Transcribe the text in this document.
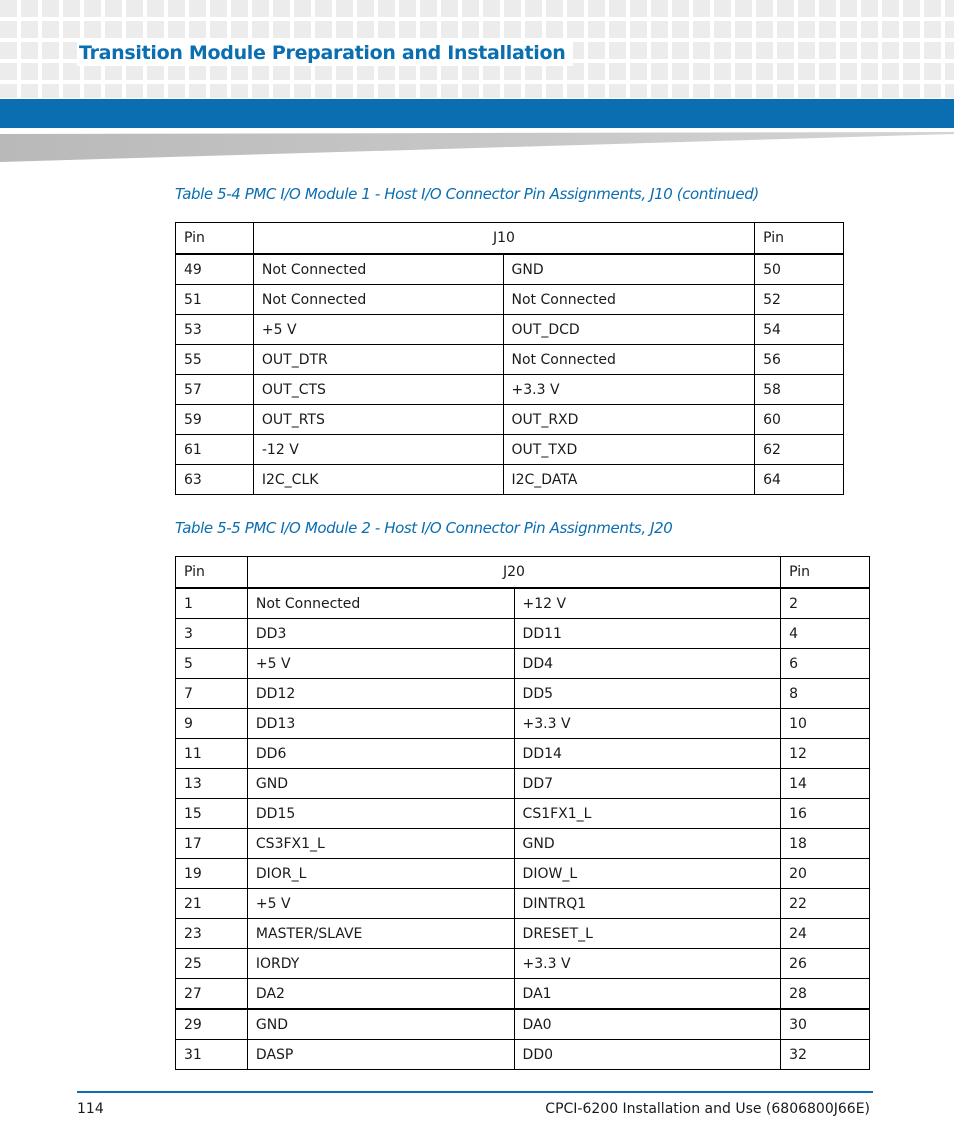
Transition Module Preparation and Installation
Table 5-4 PMC I/O Module 1 - Host I/O Connector Pin Assignments, J10 (continued)
Pin	J10		Pin
49	Not Connected	GND	50
51	Not Connected	Not Connected	52
53	+5 V	OUT_DCD	54
55	OUT_DTR	Not Connected	56
57	OUT_CTS	+3.3 V	58
59	OUT_RTS	OUT_RXD	60
61	-12 V	OUT_TXD	62
63	I2C_CLK	I2C_DATA	64
Table 5-5 PMC I/O Module 2 - Host I/O Connector Pin Assignments, J20
Pin	J20		Pin
1	Not Connected	+12 V	2
3	DD3	DD11	4
5	+5 V	DD4	6
7	DD12	DD5	8
9	DD13	+3.3 V	10
11	DD6	DD14	12
13	GND	DD7	14
15	DD15	CS1FX1_L	16
17	CS3FX1_L	GND	18
19	DIOR_L	DIOW_L	20
21	+5 V	DINTRQ1	22
23	MASTER/SLAVE	DRESET_L	24
25	IORDY	+3.3 V	26
27	DA2	DA1	28
29	GND	DA0	30
31	DASP	DD0	32
114	CPCI-6200 Installation and Use (6806800J66E)
